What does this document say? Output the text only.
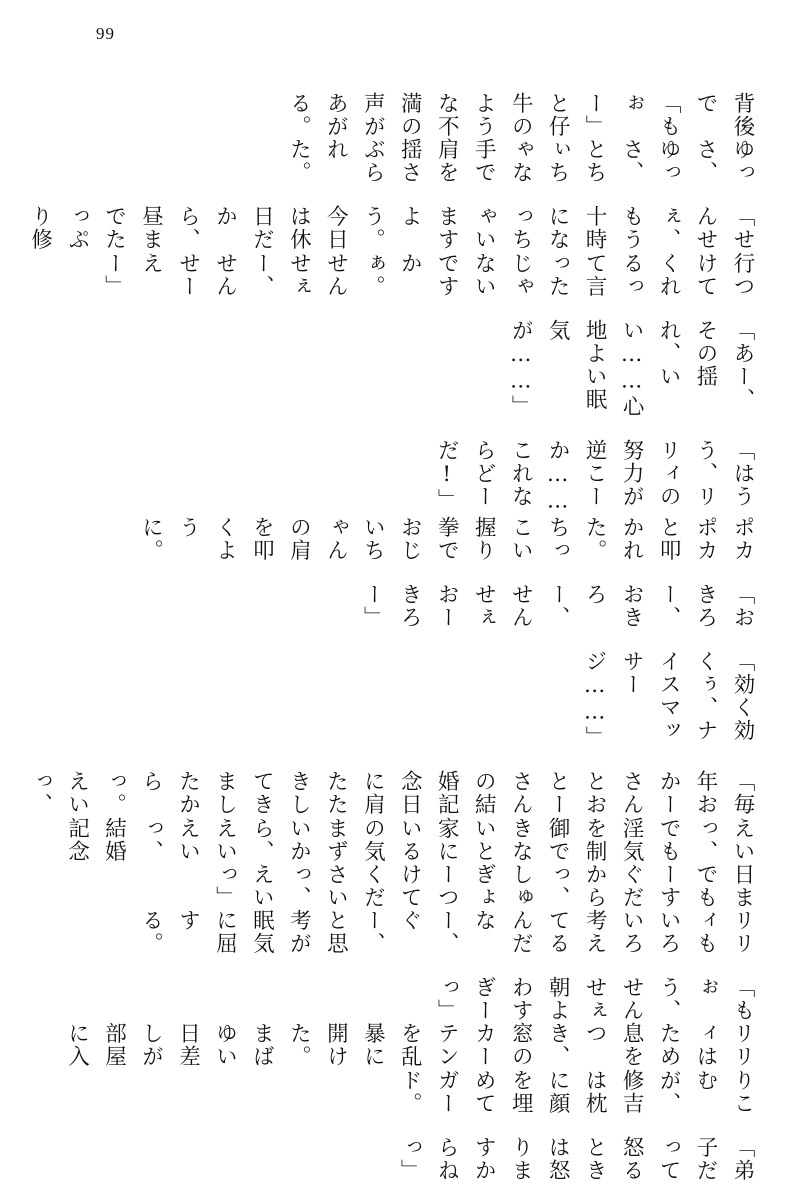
99
背後で「もぉー」と仔牛のような不満の声があがる。
ゆっさ、ゆっさ、とちぃちゃな手で肩を揺さぶられた。
「せんせぇ、もう十時になっちゃいますよう。今日は休日だから、昼までたっぷり修
行つけてくれるって言ったじゃないですかぁ。せんせぇー、せんせーえー」
「あー、その揺れ、いい……心地よい眠気が……」
「はうう、リリィの努力が逆こーか……これならどーだ!」
ポカポカと叩かれた。ちっこい握り拳でおじいちゃんの肩を叩くように。
「おきろー、おきろー、せんせぇおーきろー」
「効く効くぅ、ナイスマッサージ……」
「毎年おかーさんとおとーさんの結婚記念日に肩たたきしてきましたからっ。えいっ、
えいっ、でも淫気を制御できないと家にいるの気まずいから、えいえいっ、結婚記念
日までもーすぐだからっ、しゅぎょーつけてくださいっ、えいっ」
リリィもいろいろ考えてるんだなー、ぐー、と思考が眠気に屈する。
「もぉう、せんせぇ朝よわすぎーっ」
リリィはため息をつき、窓のカーテンを乱暴に開けた。まばゆい日差しが部屋に入
りこむが、修吉は枕に顔を埋めてガード。
「弟子だって怒るときは怒りますからねっ」
